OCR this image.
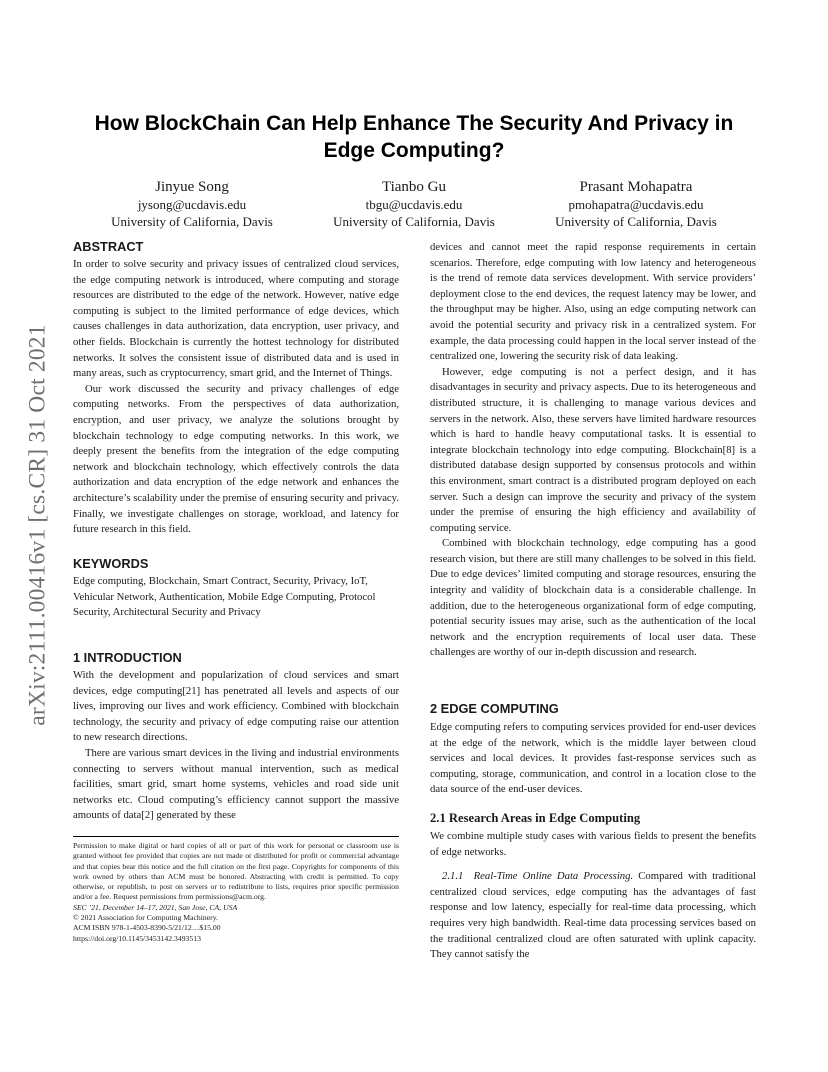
arXiv:2111.00416v1 [cs.CR] 31 Oct 2021
How BlockChain Can Help Enhance The Security And Privacy in
Edge Computing?
Jinyue Song
jysong@ucdavis.edu
University of California, Davis
Tianbo Gu
tbgu@ucdavis.edu
University of California, Davis
Prasant Mohapatra
pmohapatra@ucdavis.edu
University of California, Davis
ABSTRACT

In order to solve security and privacy issues of centralized cloud services, the edge computing network is introduced, where computing and storage resources are distributed to the edge of the network. However, native edge computing is subject to the limited performance of edge devices, which causes challenges in data authorization, data encryption, user privacy, and other fields. Blockchain is currently the hottest technology for distributed networks. It solves the consistent issue of distributed data and is used in many areas, such as cryptocurrency, smart grid, and the Internet of Things.

Our work discussed the security and privacy challenges of edge computing networks. From the perspectives of data authorization, encryption, and user privacy, we analyze the solutions brought by blockchain technology to edge computing networks. In this work, we deeply present the benefits from the integration of the edge computing network and blockchain technology, which effectively controls the data authorization and data encryption of the edge network and enhances the architecture’s scalability under the premise of ensuring security and privacy. Finally, we investigate challenges on storage, workload, and latency for future research in this field.

KEYWORDS

Edge computing, Blockchain, Smart Contract, Security, Privacy, IoT, Vehicular Network, Authentication, Mobile Edge Computing, Protocol Security, Architectural Security and Privacy

1 INTRODUCTION

With the development and popularization of cloud services and smart devices, edge computing[21] has penetrated all levels and aspects of our lives, improving our lives and work efficiency. Combined with blockchain technology, the security and privacy of edge computing raise our attention to new research directions.

There are various smart devices in the living and industrial environments connecting to servers without manual intervention, such as medical facilities, smart grid, smart home systems, vehicles and road side unit networks etc. Cloud computing’s efficiency cannot support the massive amounts of data[2] generated by these

Permission to make digital or hard copies of all or part of this work for personal or classroom use is granted without fee provided that copies are not made or distributed for profit or commercial advantage and that copies bear this notice and the full citation on the first page. Copyrights for components of this work owned by others than ACM must be honored. Abstracting with credit is permitted. To copy otherwise, or republish, to post on servers or to redistribute to lists, requires prior specific permission and/or a fee. Request permissions from permissions@acm.org.

SEC ’21, December 14–17, 2021, San Jose, CA, USA

© 2021 Association for Computing Machinery.

ACM ISBN 978-1-4503-8390-5/21/12…$15.00

https://doi.org/10.1145/3453142.3493513

devices and cannot meet the rapid response requirements in certain scenarios. Therefore, edge computing with low latency and heterogeneous is the trend of remote data services development. With service providers’ deployment close to the end devices, the request latency may be lower, and the throughput may be higher. Also, using an edge computing network can avoid the potential security and privacy risk in a centralized system. For example, the data processing could happen in the local server instead of the centralized one, lowering the security risk of data leaking.

However, edge computing is not a perfect design, and it has disadvantages in security and privacy aspects. Due to its heterogeneous and distributed structure, it is challenging to manage various devices and servers in the network. Also, these servers have limited hardware resources which is hard to handle heavy computational tasks. It is essential to integrate blockchain technology into edge computing. Blockchain[8] is a distributed database design supported by consensus protocols and within this environment, smart contract is a distributed program deployed on each server. Such a design can improve the security and privacy of the system under the premise of ensuring the high efficiency and availability of computing service.

Combined with blockchain technology, edge computing has a good research vision, but there are still many challenges to be solved in this field. Due to edge devices’ limited computing and storage resources, ensuring the integrity and validity of blockchain data is a considerable challenge. In addition, due to the heterogeneous organizational form of edge computing, potential security issues may arise, such as the authentication of the local network and the encryption requirements of local user data. These challenges are worthy of our in-depth discussion and research.

2 EDGE COMPUTING

Edge computing refers to computing services provided for end-user devices at the edge of the network, which is the middle layer between cloud services and local devices. It provides fast-response services such as computing, storage, communication, and control in a location close to the data source of the end-user devices.

2.1 Research Areas in Edge Computing

We combine multiple study cases with various fields to present the benefits of edge networks.

2.1.1 Real-Time Online Data Processing. Compared with traditional centralized cloud services, edge computing has the advantages of fast response and low latency, especially for real-time data processing, which requires very high bandwidth. Real-time data processing services based on the traditional centralized cloud are often saturated with uplink capacity. They cannot satisfy the
